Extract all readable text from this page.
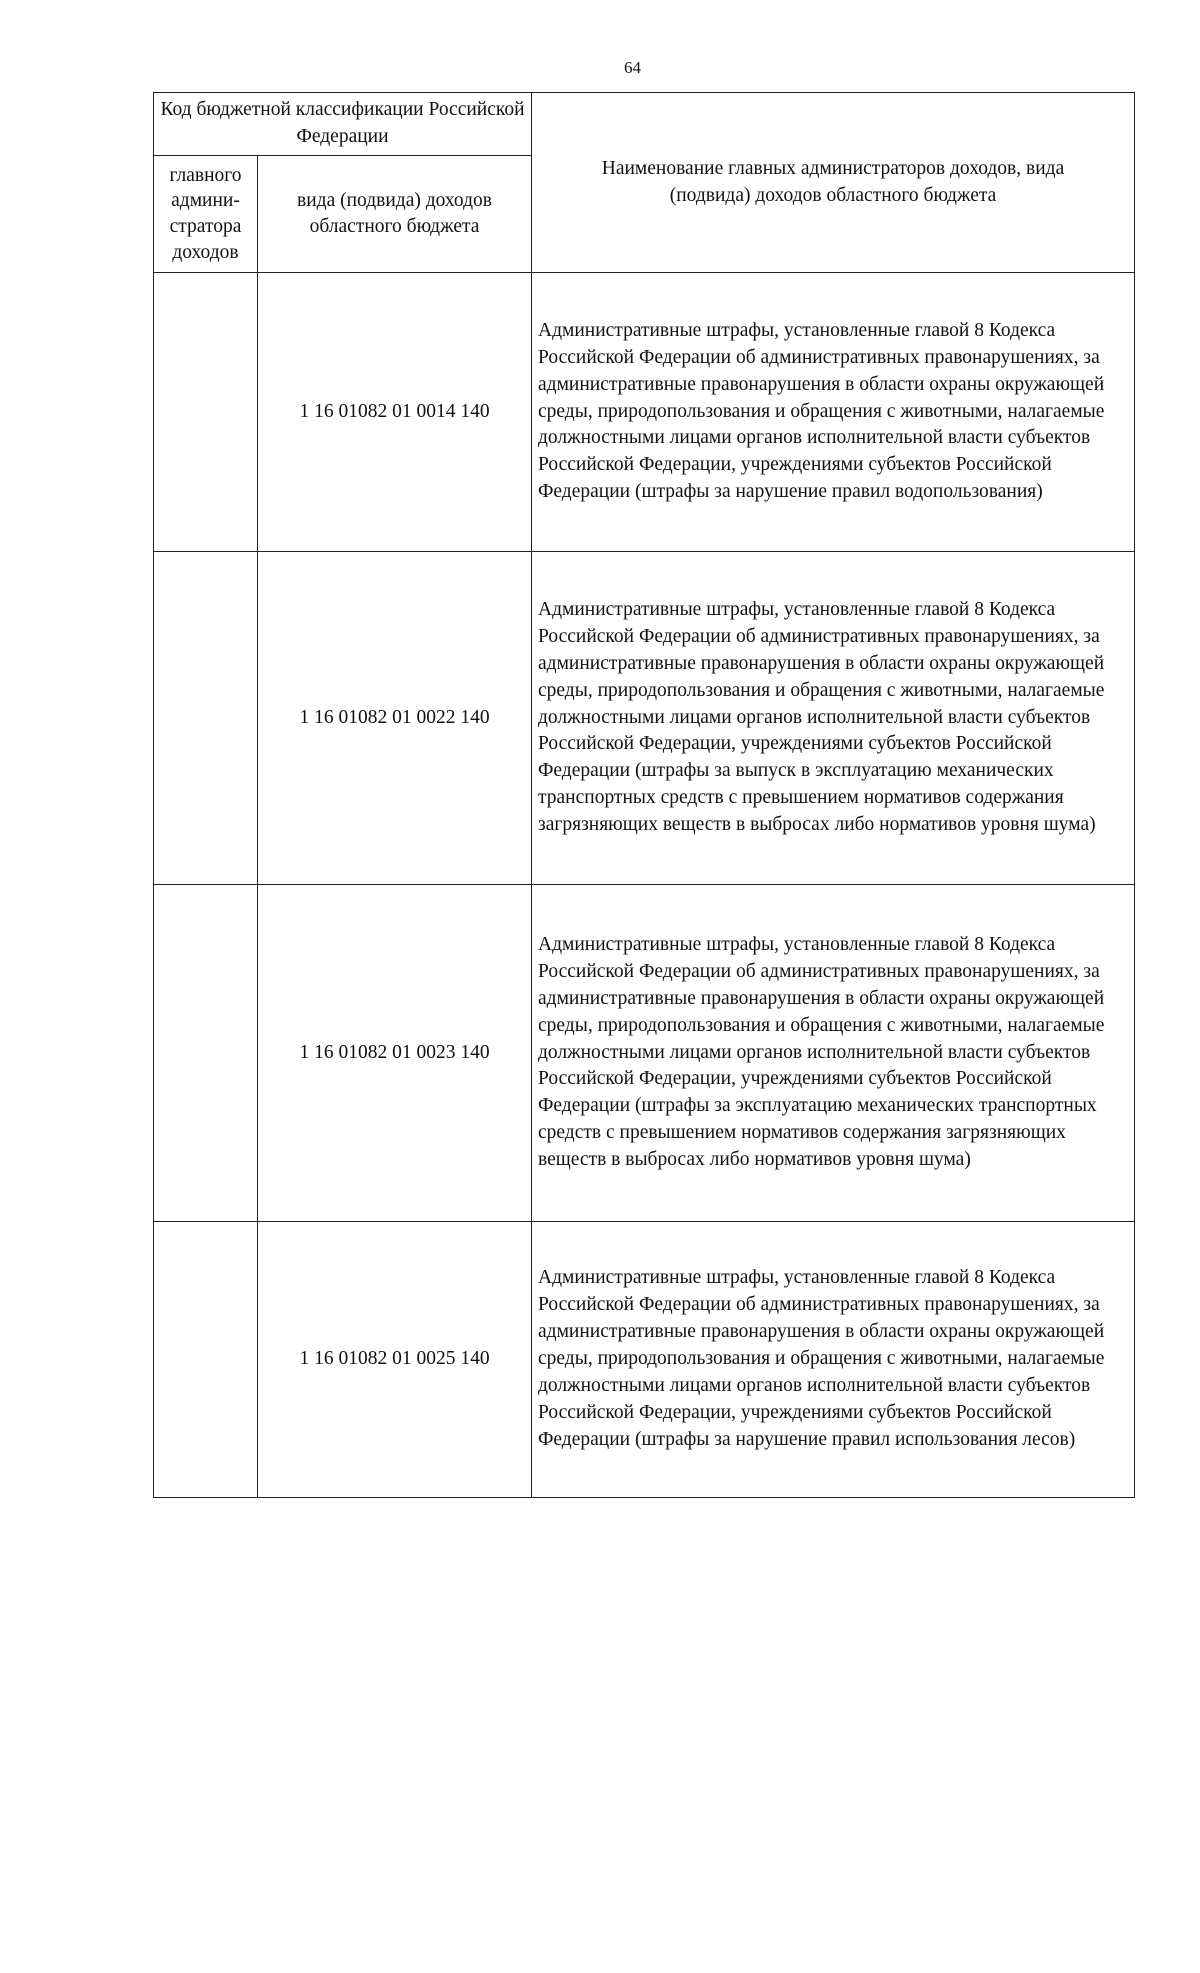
64
Код бюджетной классификации Российской Федерации		Наименование главных администраторов доходов, вида (подвида) доходов областного бюджета
главного админи-стратора доходов	вида (подвида) доходов областного бюджета	
	1 16 01082 01 0014 140	Административные штрафы, установленные главой 8 Кодекса Российской Федерации об административных правонарушениях, за административные правонарушения в области охраны окружающей среды, природопользования и обращения с животными, налагаемые должностными лицами органов исполнительной власти субъектов Российской Федерации, учреждениями субъектов Российской Федерации (штрафы за нарушение правил водопользования)
	1 16 01082 01 0022 140	Административные штрафы, установленные главой 8 Кодекса Российской Федерации об административных правонарушениях, за административные правонарушения в области охраны окружающей среды, природопользования и обращения с животными, налагаемые должностными лицами органов исполнительной власти субъектов Российской Федерации, учреждениями субъектов Российской Федерации (штрафы за выпуск в эксплуатацию механических транспортных средств с превышением нормативов содержания загрязняющих веществ в выбросах либо нормативов уровня шума)
	1 16 01082 01 0023 140	Административные штрафы, установленные главой 8 Кодекса Российской Федерации об административных правонарушениях, за административные правонарушения в области охраны окружающей среды, природопользования и обращения с животными, налагаемые должностными лицами органов исполнительной власти субъектов Российской Федерации, учреждениями субъектов Российской Федерации (штрафы за эксплуатацию механических транспортных средств с превышением нормативов содержания загрязняющих веществ в выбросах либо нормативов уровня шума)
	1 16 01082 01 0025 140	Административные штрафы, установленные главой 8 Кодекса Российской Федерации об административных правонарушениях, за административные правонарушения в области охраны окружающей среды, природопользования и обращения с животными, налагаемые должностными лицами органов исполнительной власти субъектов Российской Федерации, учреждениями субъектов Российской Федерации (штрафы за нарушение правил использования лесов)
